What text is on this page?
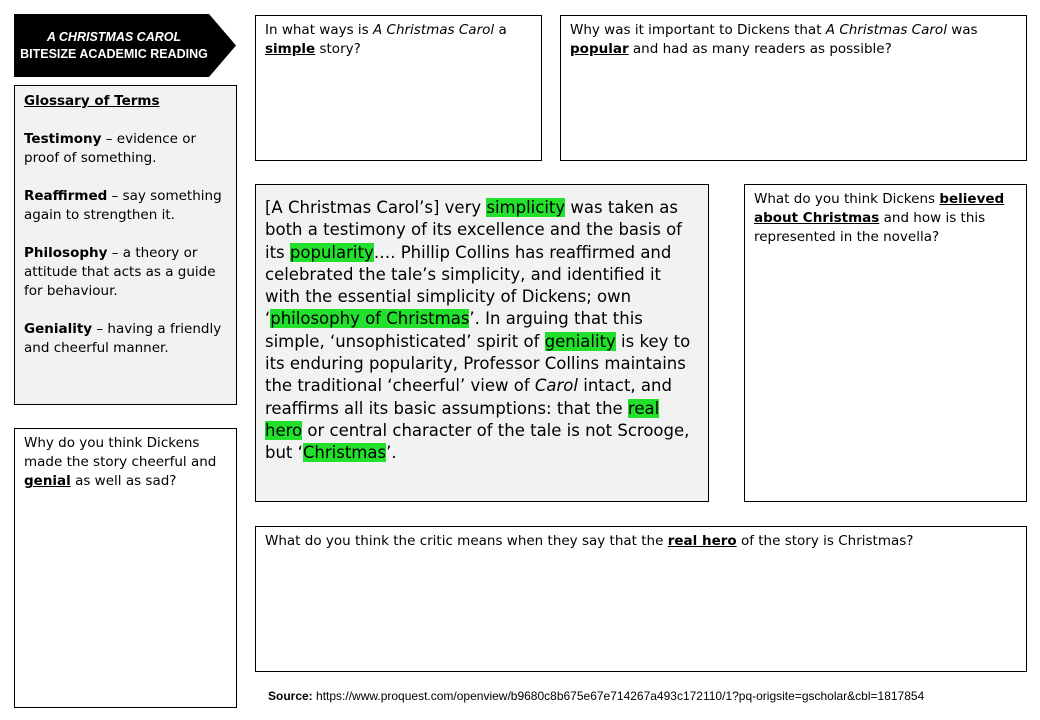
A CHRISTMAS CAROL
BITESIZE ACADEMIC READING
Glossary of Terms
Testimony – evidence or proof of something.
Reaffirmed – say something again to strengthen it.
Philosophy – a theory or attitude that acts as a guide for behaviour.
Geniality – having a friendly and cheerful manner.
Why do you think Dickens made the story cheerful and genial as well as sad?
In what ways is A Christmas Carol a simple story?
Why was it important to Dickens that A Christmas Carol was popular and had as many readers as possible?
[A Christmas Carol’s] very simplicity was taken as both a testimony of its excellence and the basis of its popularity…. Phillip Collins has reaffirmed and celebrated the tale’s simplicity, and identified it with the essential simplicity of Dickens; own ‘philosophy of Christmas’. In arguing that this simple, ‘unsophisticated’ spirit of geniality is key to its enduring popularity, Professor Collins maintains the traditional ‘cheerful’ view of Carol intact, and reaffirms all its basic assumptions: that the real hero or central character of the tale is not Scrooge, but ‘Christmas’.
What do you think Dickens believed about Christmas and how is this represented in the novella?
What do you think the critic means when they say that the real hero of the story is Christmas?
Source: https://www.proquest.com/openview/b9680c8b675e67e714267a493c172110/1?pq-origsite=gscholar&cbl=1817854
